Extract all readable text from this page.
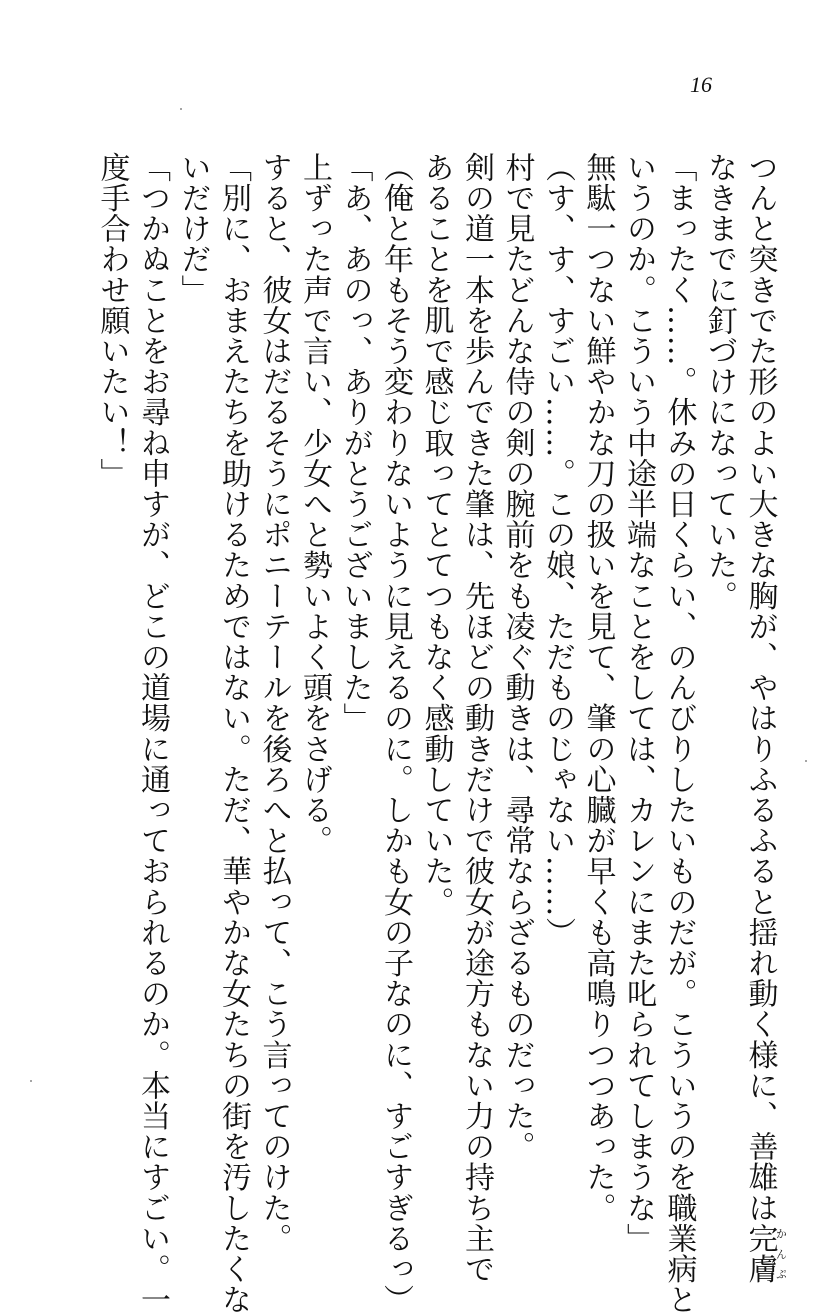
16
つんと突きでた形のよい大きな胸が、やはりふるふると揺れ動く様に、善雄は完膚かんぷ
なきまでに釘づけになっていた。
「まったく……。休みの日くらい、のんびりしたいものだが。こういうのを職業病と
いうのか。こういう中途半端なことをしては、カレンにまた叱られてしまうな」
無駄一つない鮮やかな刀の扱いを見て、肇の心臓が早くも高鳴りつつあった。
（す、す、すごい……。この娘、ただものじゃない……）
村で見たどんな侍の剣の腕前をも凌ぐ動きは、尋常ならざるものだった。
剣の道一本を歩んできた肇は、先ほどの動きだけで彼女が途方もない力の持ち主で
あることを肌で感じ取ってとてつもなく感動していた。
（俺と年もそう変わりないように見えるのに。しかも女の子なのに、すごすぎるっ）
「あ、あのっ、ありがとうございました」
上ずった声で言い、少女へと勢いよく頭をさげる。
すると、彼女はだるそうにポニーテールを後ろへと払って、こう言ってのけた。
「別に、おまえたちを助けるためではない。ただ、華やかな女たちの街を汚したくな
いだけだ」
「つかぬことをお尋ね申すが、どこの道場に通っておられるのか。本当にすごい。一
度手合わせ願いたい！」
